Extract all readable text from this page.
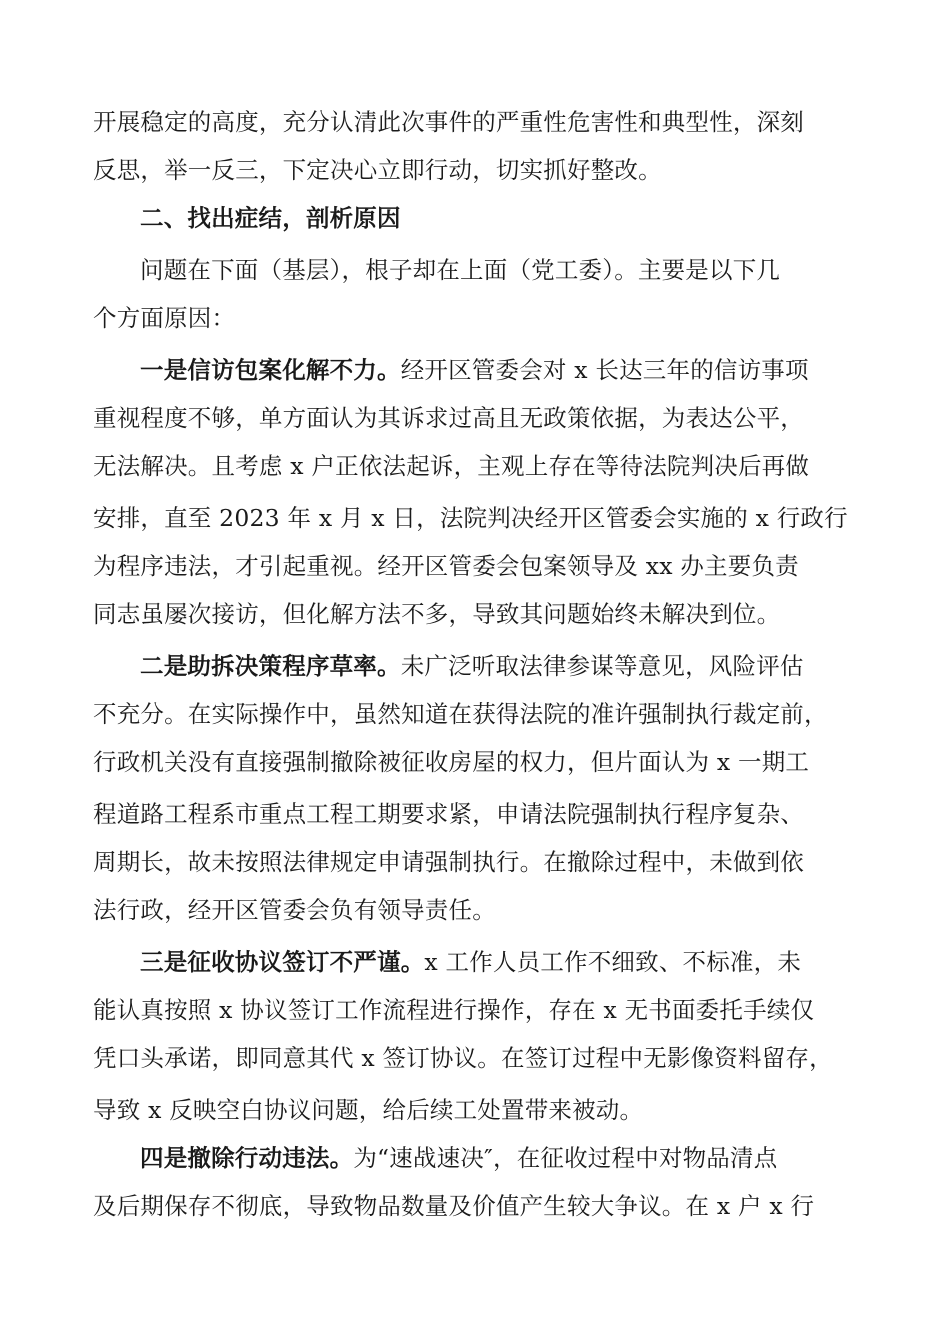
开展稳定的高度，充分认清此次事件的严重性危害性和典型性，深刻
反思，举一反三，下定决心立即行动，切实抓好整改。
二、找出症结，剖析原因
问题在下面（基层），根子却在上面（党工委）。主要是以下几
个方面原因：
一是信访包案化解不力。经开区管委会对 x 长达三年的信访事项
重视程度不够，单方面认为其诉求过高且无政策依据，为表达公平，
无法解决。且考虑 x 户正依法起诉，主观上存在等待法院判决后再做
安排，直至 2023 年 x 月 x 日，法院判决经开区管委会实施的 x 行政行
为程序违法，才引起重视。经开区管委会包案领导及 xx 办主要负责
同志虽屡次接访，但化解方法不多，导致其问题始终未解决到位。
二是助拆决策程序草率。未广泛听取法律参谋等意见，风险评估
不充分。在实际操作中，虽然知道在获得法院的准许强制执行裁定前，
行政机关没有直接强制撤除被征收房屋的权力，但片面认为 x 一期工
程道路工程系市重点工程工期要求紧，申请法院强制执行程序复杂、
周期长，故未按照法律规定申请强制执行。在撤除过程中，未做到依
法行政，经开区管委会负有领导责任。
三是征收协议签订不严谨。x 工作人员工作不细致、不标准，未
能认真按照 x 协议签订工作流程进行操作，存在 x 无书面委托手续仅
凭口头承诺，即同意其代 x 签订协议。在签订过程中无影像资料留存，
导致 x 反映空白协议问题，给后续工处置带来被动。
四是撤除行动违法。为“速战速决″，在征收过程中对物品清点
及后期保存不彻底，导致物品数量及价值产生较大争议。在 x 户 x 行
